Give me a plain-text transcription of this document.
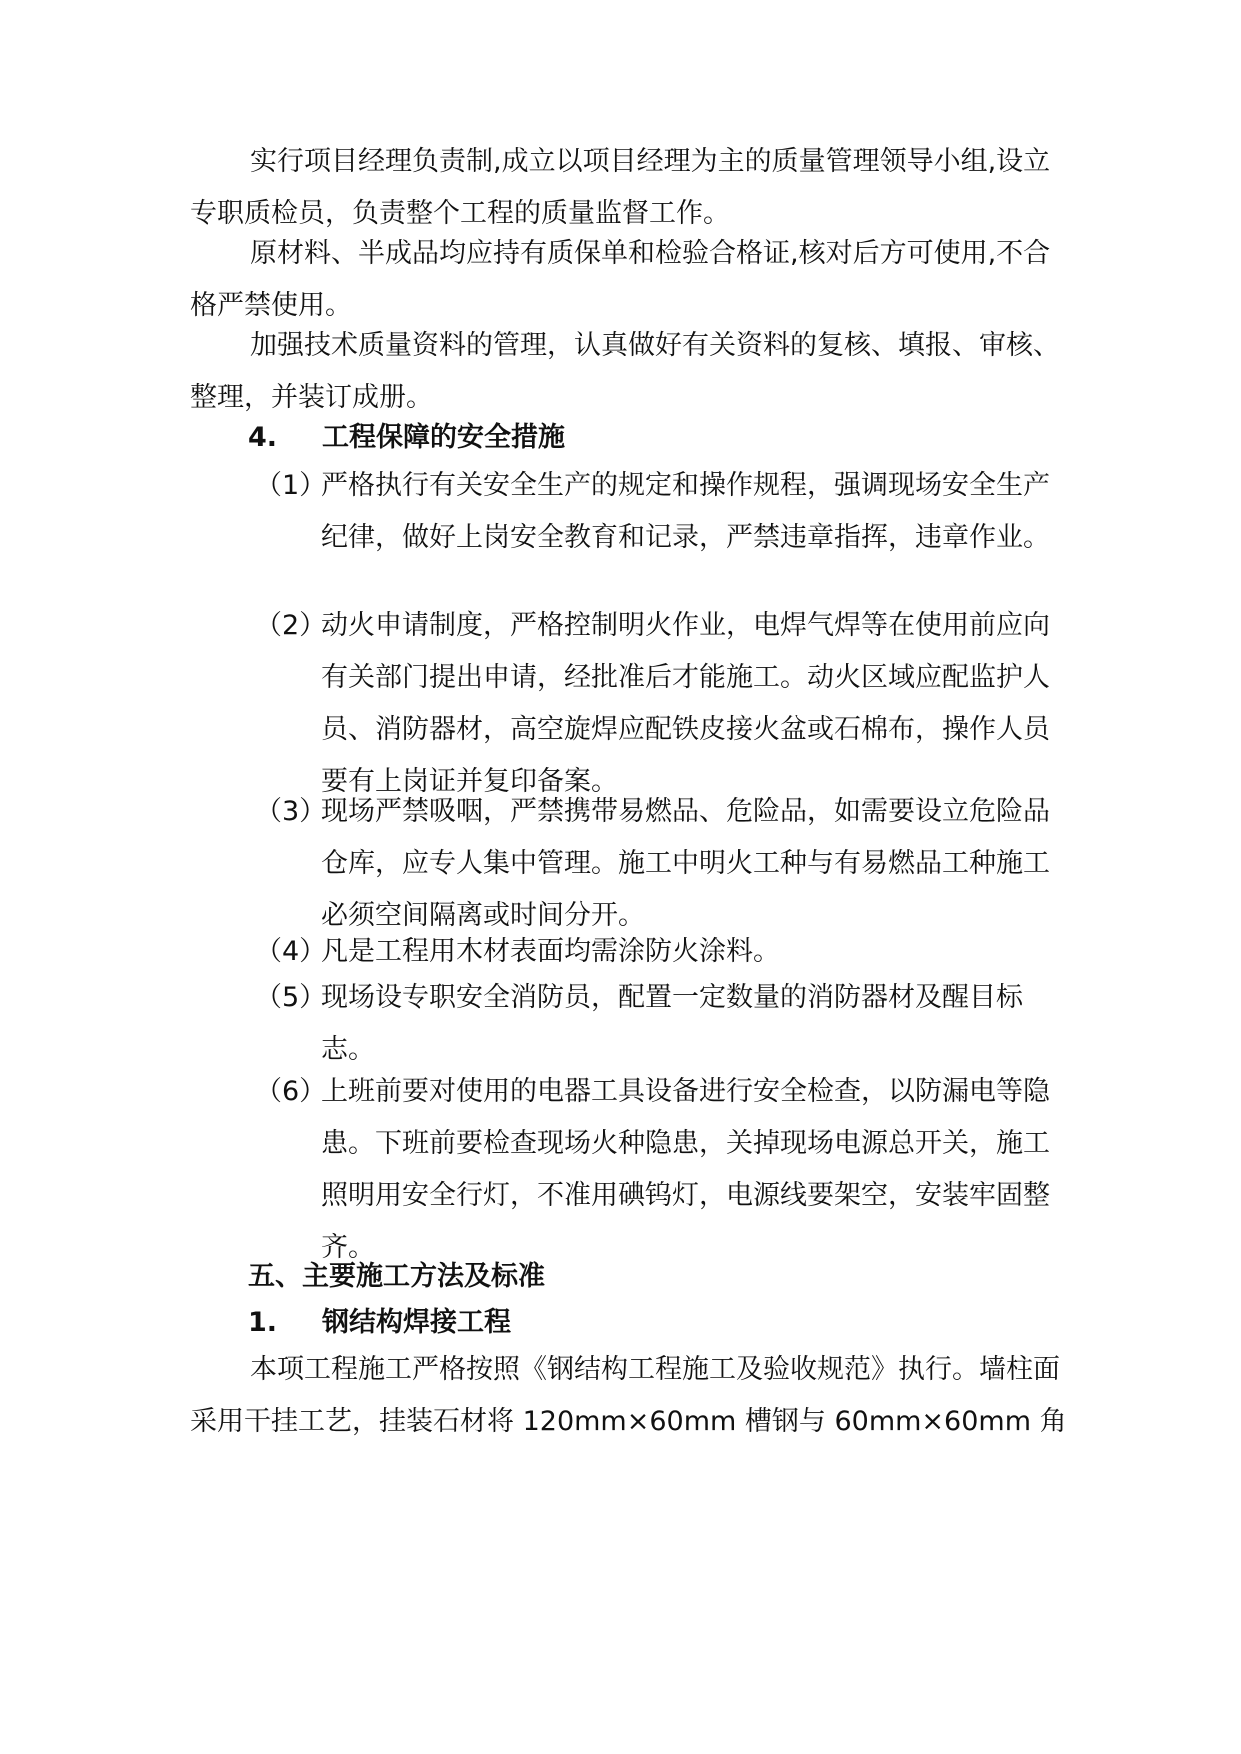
实行项目经理负责制,成立以项目经理为主的质量管理领导小组,设立专职质检员，负责整个工程的质量监督工作。

原材料、半成品均应持有质保单和检验合格证,核对后方可使用,不合格严禁使用。

加强技术质量资料的管理，认真做好有关资料的复核、填报、审核、整理，并装订成册。

4. 工程保障的安全措施
（1）
严格执行有关安全生产的规定和操作规程，强调现场安全生产纪律，做好上岗安全教育和记录，严禁违章指挥，违章作业。
（2）
动火申请制度，严格控制明火作业，电焊气焊等在使用前应向有关部门提出申请，经批准后才能施工。动火区域应配监护人员、消防器材，高空旋焊应配铁皮接火盆或石棉布，操作人员要有上岗证并复印备案。
（3）
现场严禁吸咽，严禁携带易燃品、危险品，如需要设立危险品仓库，应专人集中管理。施工中明火工种与有易燃品工种施工必须空间隔离或时间分开。
（4）
凡是工程用木材表面均需涂防火涂料。
（5）
现场设专职安全消防员，配置一定数量的消防器材及醒目标志。
（6）
上班前要对使用的电器工具设备进行安全检查，以防漏电等隐患。下班前要检查现场火种隐患，关掉现场电源总开关，施工照明用安全行灯，不准用碘钨灯，电源线要架空，安装牢固整齐。
五、主要施工方法及标准
1. 钢结构焊接工程

本项工程施工严格按照《钢结构工程施工及验收规范》执行。墙柱面采用干挂工艺，挂装石材将 120mm×60mm 槽钢与 60mm×60mm 角
